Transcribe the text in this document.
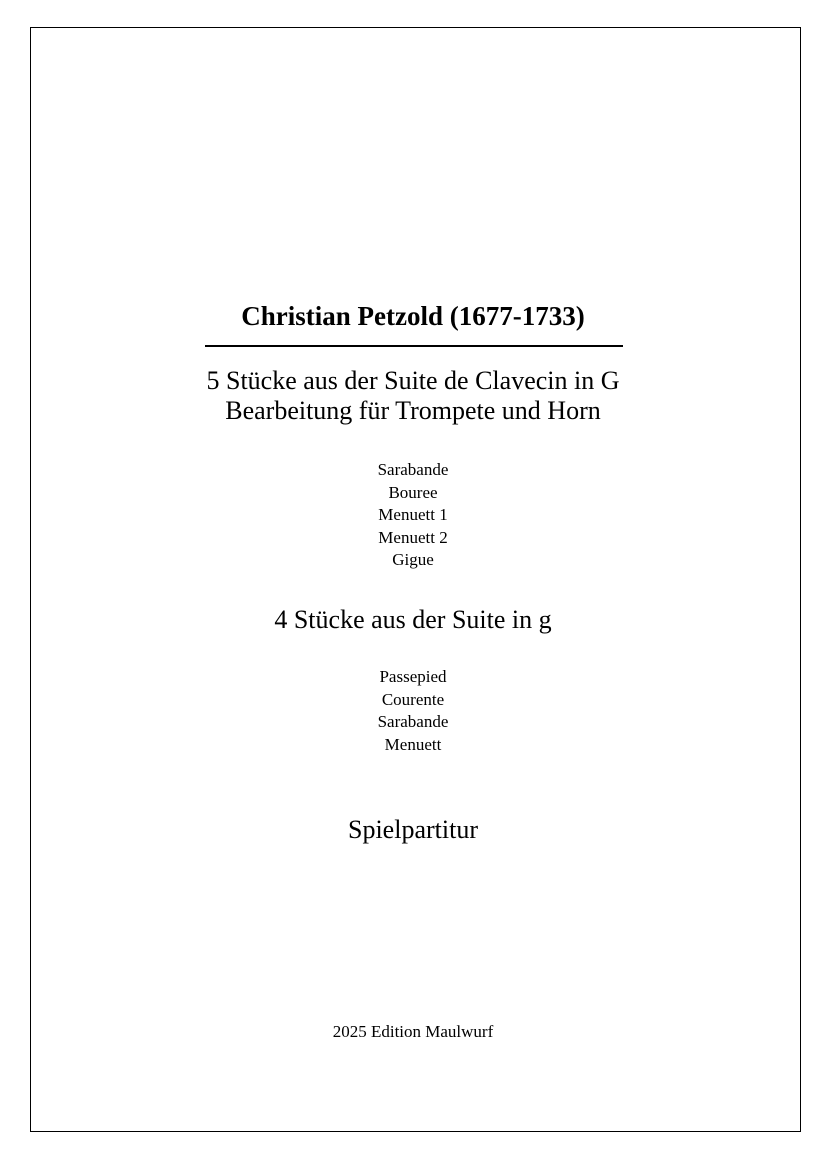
Christian Petzold (1677-1733)
5 Stücke aus der Suite de Clavecin in G
Bearbeitung für Trompete und Horn
Sarabande
Bouree
Menuett 1
Menuett 2
Gigue
4 Stücke aus der Suite in g
Passepied
Courente
Sarabande
Menuett
Spielpartitur
2025 Edition Maulwurf
